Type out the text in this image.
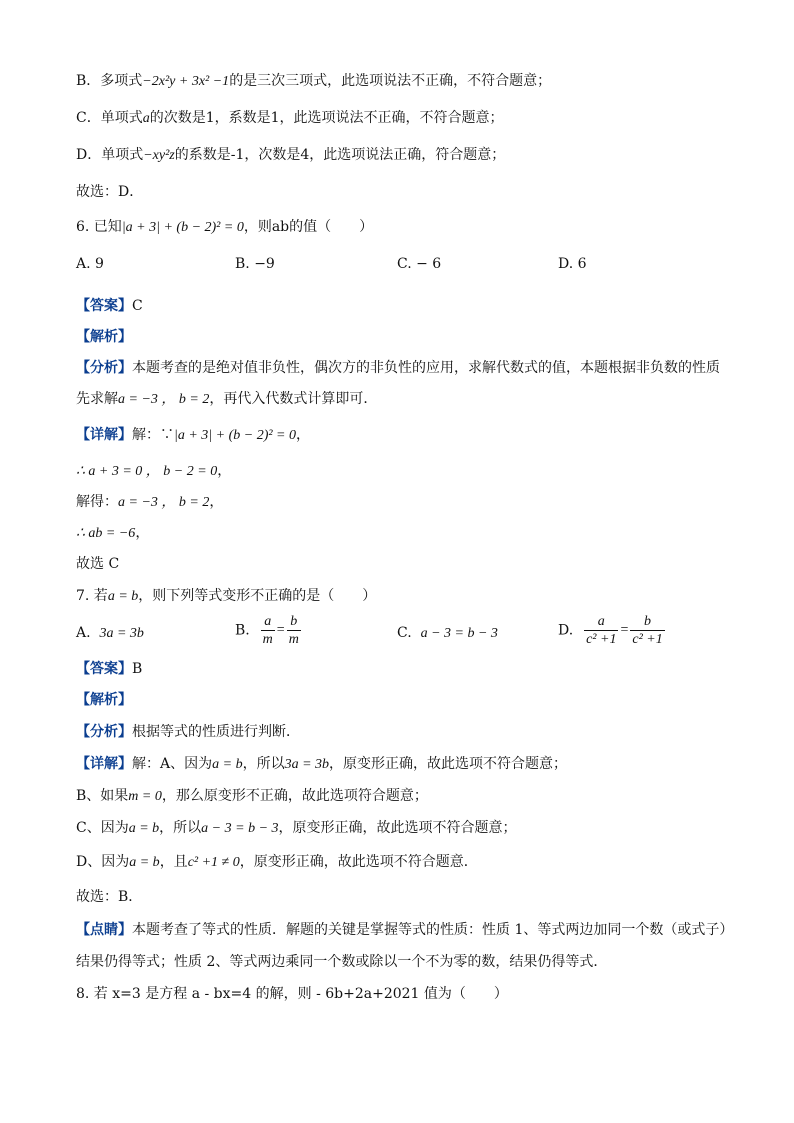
B．多项式−2x²y + 3x² −1的是三次三项式，此选项说法不正确，不符合题意；
C．单项式a的次数是1，系数是1，此选项说法不正确，不符合题意；
D．单项式−xy²z的系数是-1，次数是4，此选项说法正确，符合题意；
故选：D．
6. 已知|a + 3| + (b − 2)² = 0，则ab的值（　　）
A. 9	B. −9	C. − 6	D. 6
【答案】C
【解析】
【分析】本题考查的是绝对值非负性，偶次方的非负性的应用，求解代数式的值，本题根据非负数的性质
先求解a = −3 ， b = 2，再代入代数式计算即可．
【详解】解：∵|a + 3| + (b − 2)² = 0，
∴ a + 3 = 0 ， b − 2 = 0，
解得：a = −3 ， b = 2，
∴ ab = −6，
故选 C
7. 若a = b，则下列等式变形不正确的是（　　）
A. 3a = 3b	B. $\frac{a}{m} = \frac{b}{m}$	C. a − 3 = b − 3	D. $\frac{a}{\text{c² +1}} = \frac{b}{\text{c² +1}}$
【答案】B
【解析】
【分析】根据等式的性质进行判断．
【详解】解：A、因为a = b，所以3a = 3b，原变形正确，故此选项不符合题意；
B、如果m = 0，那么原变形不正确，故此选项符合题意；
C、因为a = b，所以a − 3 = b − 3，原变形正确，故此选项不符合题意；
D、因为a = b，且c² +1 ≠ 0，原变形正确，故此选项不符合题意．
故选：B．
【点睛】本题考查了等式的性质．解题的关键是掌握等式的性质：性质 1、等式两边加同一个数（或式子）
结果仍得等式；性质 2、等式两边乘同一个数或除以一个不为零的数，结果仍得等式．
8. 若 x=3 是方程 a - bx=4 的解，则 - 6b+2a+2021 值为（　　）
